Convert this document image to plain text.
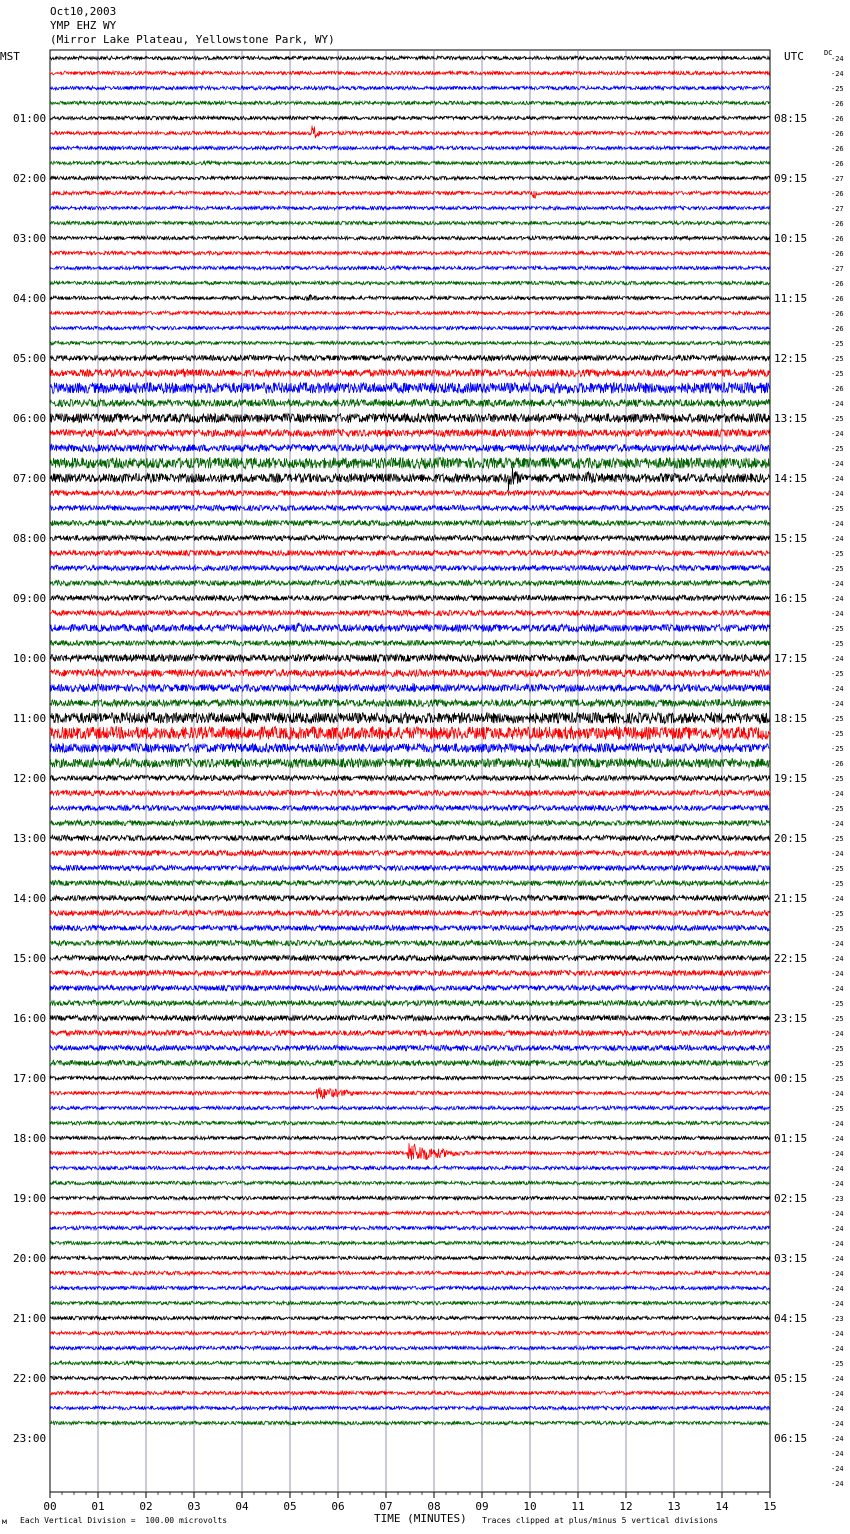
Oct10,2003
YMP EHZ WY
(Mirror Lake Plateau, Yellowstone Park, WY)
MST	UTC	DC
00	01	02	03	04	05	06	07	08	09	10	11	12	13	14	15
-24
-24
-25
-26
-26
01:00	08:15
-26
-26
-26
-27
02:00	09:15
-26
-27
-26
-26
03:00	10:15
-26
-27
-26
-26
04:00	11:15
-26
-26
-25
-25
05:00	12:15
-25
-26
-24
-25
06:00	13:15
-24
-25
-24
-24
07:00	14:15
-24
-25
-24
-24
08:00	15:15
-25
-25
-24
-24
09:00	16:15
-24
-25
-25
-24
10:00	17:15
-25
-24
-24
-25
11:00	18:15
-25
-25
-26
-25
12:00	19:15
-24
-25
-24
-25
13:00	20:15
-24
-25
-25
-24
14:00	21:15
-25
-25
-24
-24
15:00	22:15
-24
-24
-25
-25
16:00	23:15
-24
-25
-25
-25
17:00	00:15
-24
-25
-24
-24
18:00	01:15
-24
-24
-24
-23
19:00	02:15
-24
-24
-24
-24
20:00	03:15
-24
-24
-24
-23
21:00	04:15
-24
-24
-25
-24
22:00	05:15
-24
-24
-24
-24
23:00	06:15
-24
-24
-24
м Each Vertical Division =  100.00 microvolts	TIME (MINUTES) Traces clipped at plus/minus 5 vertical divisions
